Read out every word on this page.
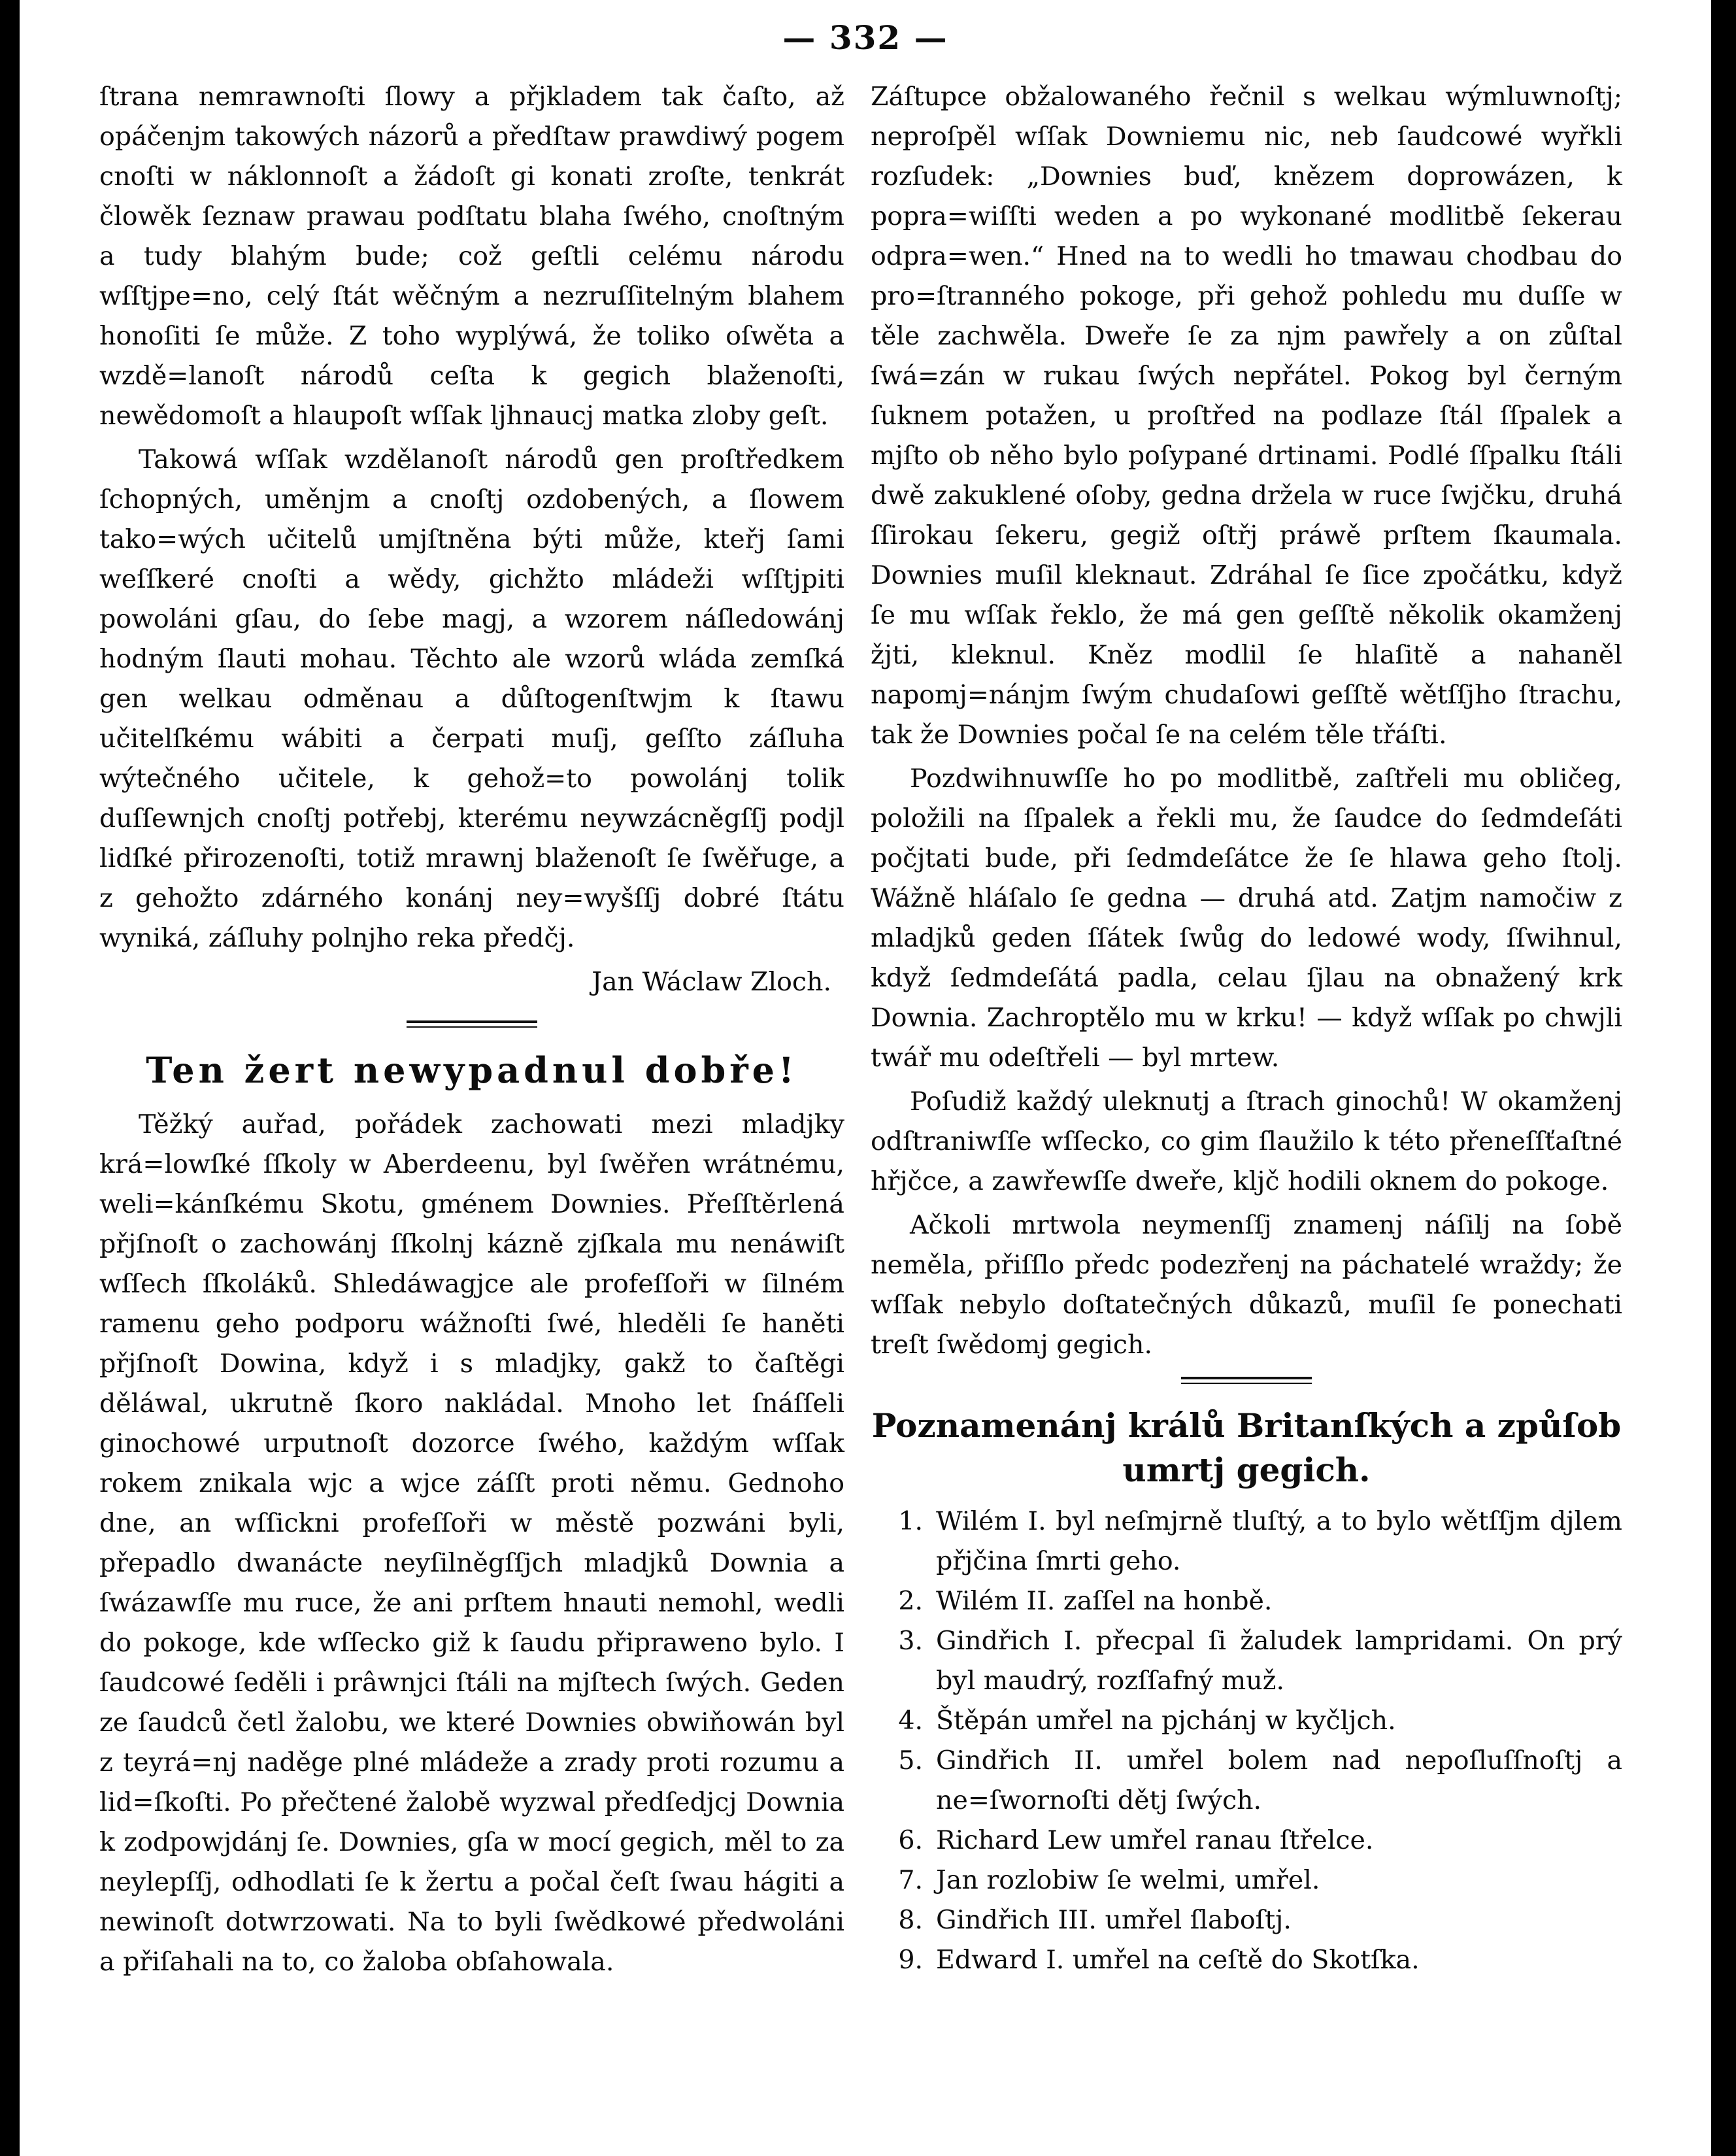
— 332 —

ſtrana nemrawnoſti ſlowy a přjkladem tak čaſto, až opáčenjm takowých názorů a předſtaw prawdiwý pogem cnoſti w náklonnoſt a žádoſt gi konati zroſte, tenkrát člowěk ſeznaw prawau podſtatu blaha ſwého, cnoſtným a tudy blahým bude; což geſtli celému národu wſſtjpe=no, celý ſtát wěčným a nezruſſitelným blahem honoſiti ſe může. Z toho wyplýwá, že toliko oſwěta a wzdě=lanoſt národů ceſta k gegich blaženoſti, newědomoſt a hlaupoſt wſſak ljhnaucj matka zloby geſt.

Takowá wſſak wzdělanoſt národů gen proſtředkem ſchopných, uměnjm a cnoſtj ozdobených, a ſlowem tako=wých učitelů umjſtněna býti může, kteřj ſami weſſkeré cnoſti a wědy, gichžto mládeži wſſtjpiti powoláni gſau, do ſebe magj, a wzorem náſledowánj hodným ſlauti mohau. Těchto ale wzorů wláda zemſká gen welkau odměnau a důſtogenſtwjm k ſtawu učitelſkému wábiti a čerpati muſj, geſſto záſluha wýtečného učitele, k gehož=to powolánj tolik duſſewnjch cnoſtj potřebj, kterému neywzácněgſſj podjl lidſké přirozenoſti, totiž mrawnj blaženoſt ſe ſwěřuge, a z gehožto zdárného konánj ney=wyšſſj dobré ſtátu wyniká, záſluhy polnjho reka předčj.

Jan Wáclaw Zloch.
Ten žert newypadnul dobře!

Těžký auřad, pořádek zachowati mezi mladjky krá=lowſké ſſkoly w Aberdeenu, byl ſwěřen wrátnému, weli=kánſkému Skotu, gménem Downies. Přeſſtěrlená přjſnoſt o zachowánj ſſkolnj kázně zjſkala mu nenáwiſt wſſech ſſkoláků. Shledáwagjce ale profeſſoři w ſilném ramenu geho podporu wážnoſti ſwé, hleděli ſe haněti přjſnoſt Dowina, když i s mladjky, gakž to čaſtěgi děláwal, ukrutně ſkoro nakládal. Mnoho let ſnáſſeli ginochowé urputnoſt dozorce ſwého, každým wſſak rokem znikala wjc a wjce záſſt proti němu. Gednoho dne, an wſſickni profeſſoři w městě pozwáni byli, přepadlo dwanácte neyſilněgſſjch mladjků Downia a ſwázawſſe mu ruce, že ani prſtem hnauti nemohl, wedli do pokoge, kde wſſecko giž k ſaudu připraweno bylo. I ſaudcowé ſeděli i prâwnjci ſtáli na mjſtech ſwých. Geden ze ſaudců četl žalobu, we které Downies obwiňowán byl z teyrá=nj naděge plné mládeže a zrady proti rozumu a lid=ſkoſti. Po přečtené žalobě wyzwal předſedjcj Downia k zodpowjdánj ſe. Downies, gſa w mocí gegich, měl to za neylepſſj, odhodlati ſe k žertu a počal čeſt ſwau hágiti a newinoſt dotwrzowati. Na to byli ſwědkowé předwoláni a přiſahali na to, co žaloba obſahowala.

Záſtupce obžalowaného řečnil s welkau wýmluwnoſtj; neproſpěl wſſak Downiemu nic, neb ſaudcowé wyřkli rozſudek: „Downies buď, knězem doprowázen, k popra=wiſſti weden a po wykonané modlitbě ſekerau odpra=wen.“ Hned na to wedli ho tmawau chodbau do pro=ſtranného pokoge, při gehož pohledu mu duſſe w těle zachwěla. Dweře ſe za njm pawřely a on zůſtal ſwá=zán w rukau ſwých nepřátel. Pokog byl černým ſuknem potažen, u proſtřed na podlaze ſtál ſſpalek a mjſto ob něho bylo poſypané drtinami. Podlé ſſpalku ſtáli dwě zakuklené oſoby, gedna držela w ruce ſwjčku, druhá ſſirokau ſekeru, gegiž oſtřj práwě prſtem ſkaumala. Downies muſil kleknaut. Zdráhal ſe ſice zpočátku, když ſe mu wſſak řeklo, že má gen geſſtě několik okamženj žjti, kleknul. Kněz modlil ſe hlaſitě a nahaněl napomj=nánjm ſwým chudaſowi geſſtě wětſſjho ſtrachu, tak že Downies počal ſe na celém těle třáſti.

Pozdwihnuwſſe ho po modlitbě, zaſtřeli mu obličeg, položili na ſſpalek a řekli mu, že ſaudce do ſedmdeſáti počjtati bude, při ſedmdeſátce že ſe hlawa geho ſtolj. Wážně hláſalo ſe gedna — druhá atd. Zatjm namočiw z mladjků geden ſſátek ſwůg do ledowé wody, ſſwihnul, když ſedmdeſátá padla, celau ſjlau na obnažený krk Downia. Zachroptělo mu w krku! — když wſſak po chwjli twář mu odeſtřeli — byl mrtew.

Poſudiž každý uleknutj a ſtrach ginochů! W okamženj odſtraniwſſe wſſecko, co gim ſlaužilo k této přeneſſťaſtné hřjčce, a zawřewſſe dweře, kljč hodili oknem do pokoge.

Ačkoli mrtwola neymenſſj znamenj náſilj na ſobě neměla, přiſſlo předc podezřenj na páchatelé wraždy; že wſſak nebylo doſtatečných důkazů, muſil ſe ponechati treſt ſwědomj gegich.

Poznamenánj králů Britanſkých a způſob umrtj gegich.
1. Wilém I. byl neſmjrně tluſtý, a to bylo wětſſjm djlem přjčina ſmrti geho.
2. Wilém II. zaſſel na honbě.
3. Gindřich I. přecpal ſi žaludek lampridami. On prý byl maudrý, rozſſafný muž.
4. Štěpán umřel na pjchánj w kyčljch.
5. Gindřich II. umřel bolem nad nepoſluſſnoſtj a ne=ſwornoſti dětj ſwých.
6. Richard Lew umřel ranau ſtřelce.
7. Jan rozlobiw ſe welmi, umřel.
8. Gindřich III. umřel ſlaboſtj.
9. Edward I. umřel na ceſtě do Skotſka.
